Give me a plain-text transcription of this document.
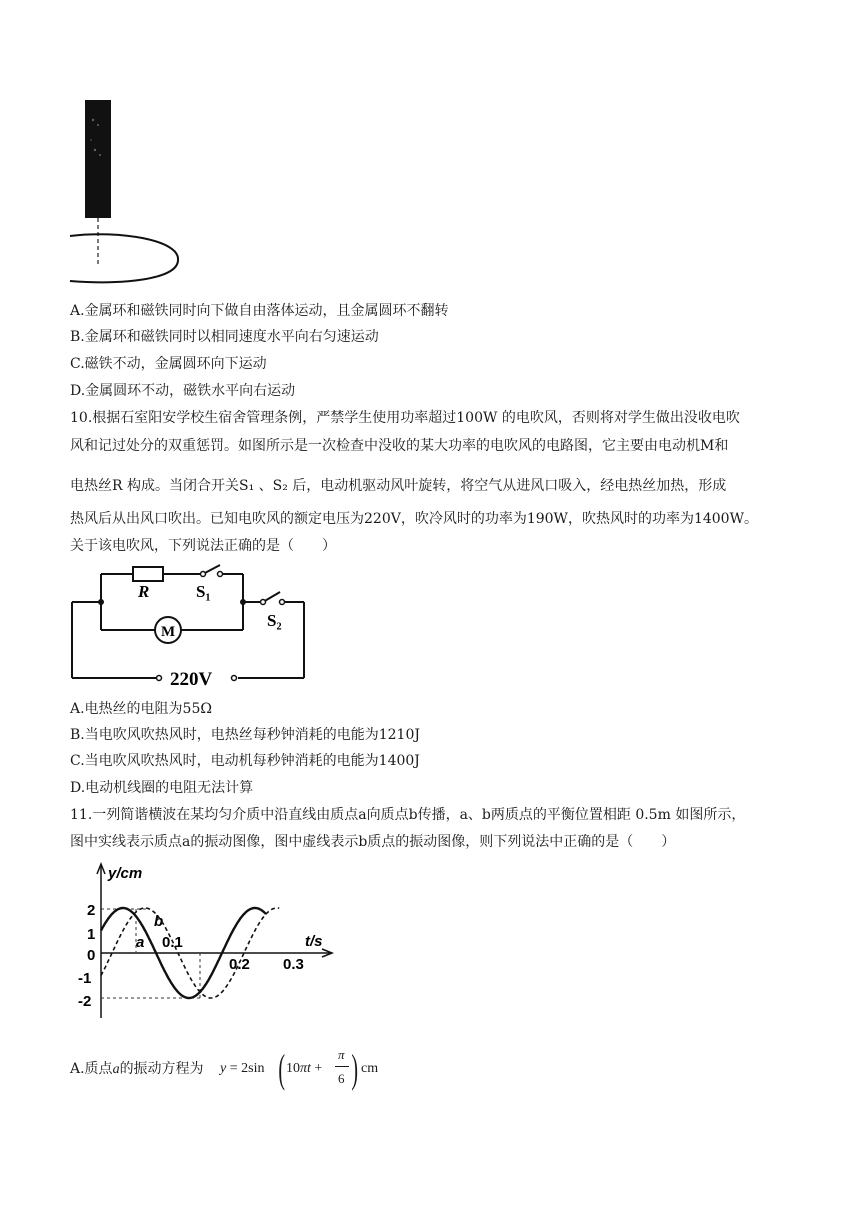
A.金属环和磁铁同时向下做自由落体运动，且金属圆环不翻转
B.金属环和磁铁同时以相同速度水平向右匀速运动
C.磁铁不动，金属圆环向下运动
D.金属圆环不动，磁铁水平向右运动
10.根据石室阳安学校生宿舍管理条例，严禁学生使用功率超过100W 的电吹风，否则将对学生做出没收电吹
风和记过处分的双重惩罚。如图所示是一次检查中没收的某大功率的电吹风的电路图，它主要由电动机M和
电热丝R 构成。当闭合开关S₁ 、S₂ 后，电动机驱动风叶旋转，将空气从进风口吸入，经电热丝加热，形成
热风后从出风口吹出。已知电吹风的额定电压为220V，吹冷风时的功率为190W，吹热风时的功率为1400W。
关于该电吹风，下列说法正确的是（　　）
R	S₁
M
S₂
220V
A.电热丝的电阻为55Ω
B.当电吹风吹热风时，电热丝每秒钟消耗的电能为1210J
C.当电吹风吹热风时，电动机每秒钟消耗的电能为1400J
D.电动机线圈的电阻无法计算
11.一列简谐横波在某均匀介质中沿直线由质点a向质点b传播，a、b两质点的平衡位置相距 0.5m 如图所示，
图中实线表示质点a的振动图像，图中虚线表示b质点的振动图像，则下列说法中正确的是（　　）
y/cm
t/s
2
1
0
-1
-2
0.1
0.2 0.3
a
b
A.质点a的振动方程为 y = 2sin ( 10πt +
π
6 ) cm
